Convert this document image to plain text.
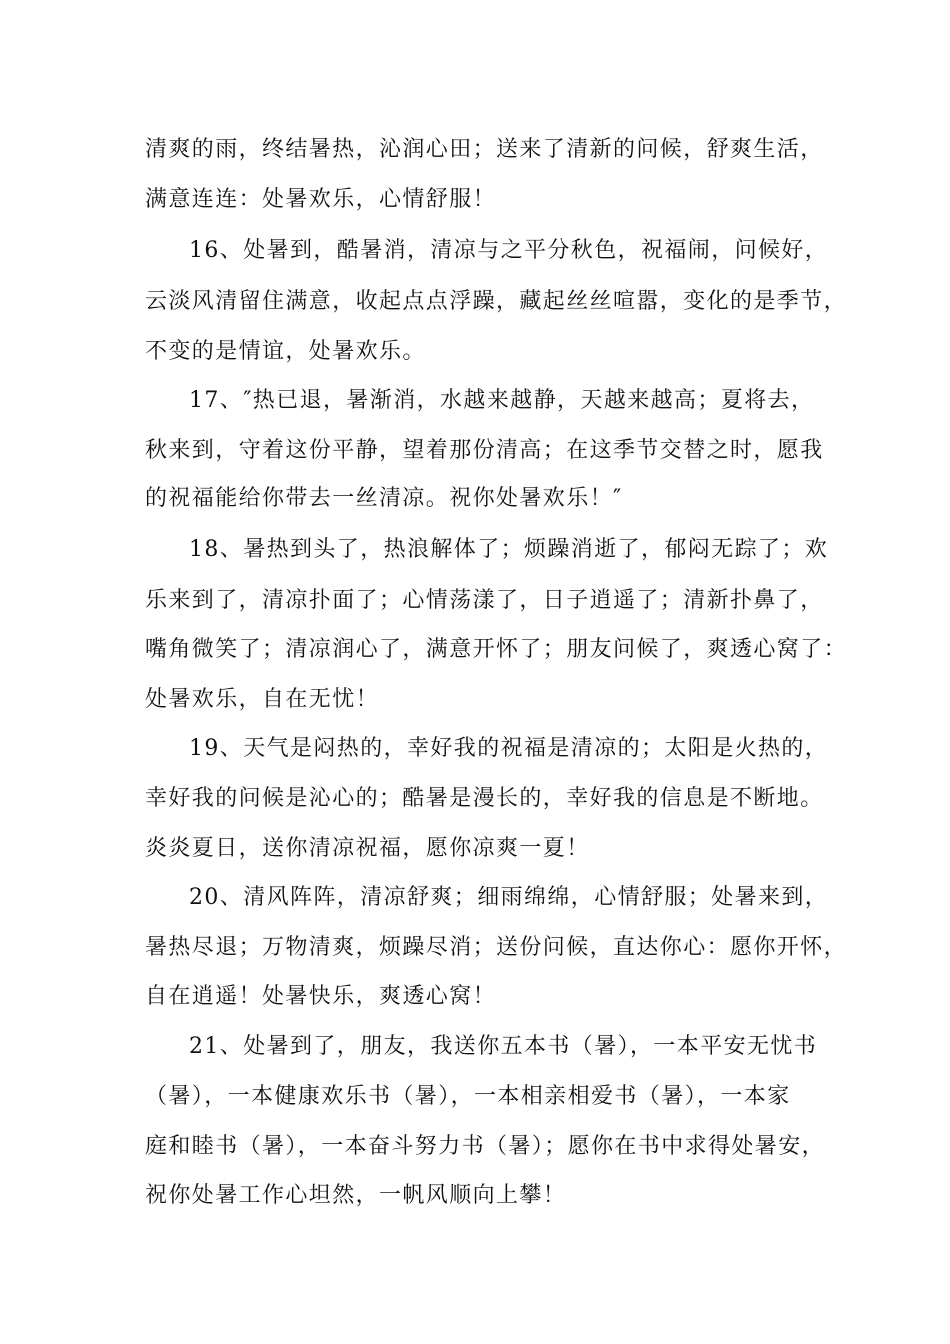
清爽的雨，终结暑热，沁润心田；送来了清新的问候，舒爽生活，
满意连连：处暑欢乐，心情舒服！
16、处暑到，酷暑消，清凉与之平分秋色，祝福闹，问候好，
云淡风清留住满意，收起点点浮躁，藏起丝丝喧嚣，变化的是季节，
不变的是情谊，处暑欢乐。
17、″热已退，暑渐消，水越来越静，天越来越高；夏将去，
秋来到，守着这份平静，望着那份清高；在这季节交替之时，愿我
的祝福能给你带去一丝清凉。祝你处暑欢乐！″
18、暑热到头了，热浪解体了；烦躁消逝了，郁闷无踪了；欢
乐来到了，清凉扑面了；心情荡漾了，日子逍遥了；清新扑鼻了，
嘴角微笑了；清凉润心了，满意开怀了；朋友问候了，爽透心窝了：
处暑欢乐，自在无忧！
19、天气是闷热的，幸好我的祝福是清凉的；太阳是火热的，
幸好我的问候是沁心的；酷暑是漫长的，幸好我的信息是不断地。
炎炎夏日，送你清凉祝福，愿你凉爽一夏！
20、清风阵阵，清凉舒爽；细雨绵绵，心情舒服；处暑来到，
暑热尽退；万物清爽，烦躁尽消；送份问候，直达你心：愿你开怀，
自在逍遥！处暑快乐，爽透心窝！
21、处暑到了，朋友，我送你五本书（暑），一本平安无忧书
（暑），一本健康欢乐书（暑），一本相亲相爱书（暑），一本家
庭和睦书（暑），一本奋斗努力书（暑）；愿你在书中求得处暑安，
祝你处暑工作心坦然，一帆风顺向上攀！
